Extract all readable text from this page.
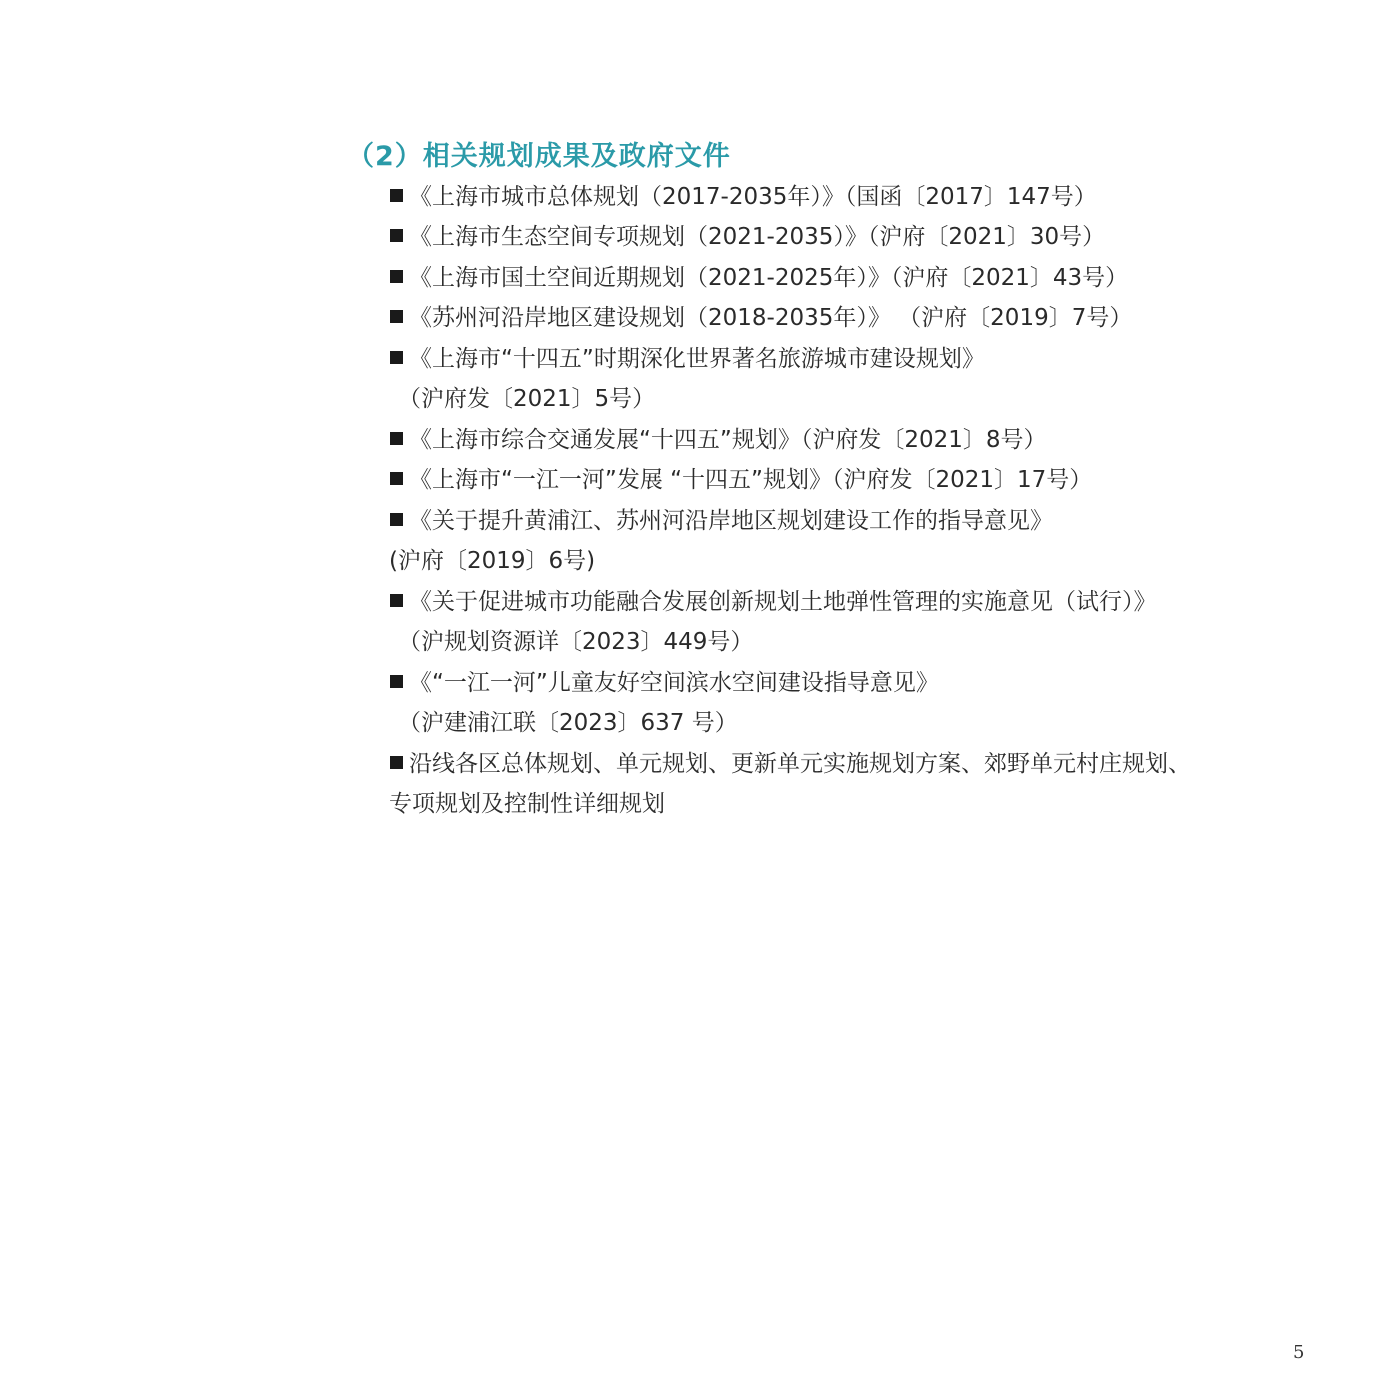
（2）相关规划成果及政府文件
《上海市城市总体规划（2017-2035年）》（国函〔2017〕147号）
《上海市生态空间专项规划（2021-2035）》（沪府〔2021〕30号）
《上海市国土空间近期规划（2021-2025年）》（沪府〔2021〕43号）
《苏州河沿岸地区建设规划（2018-2035年）》 （沪府〔2019〕7号）
《上海市“十四五”时期深化世界著名旅游城市建设规划》
（沪府发〔2021〕5号）
《上海市综合交通发展“十四五”规划》（沪府发〔2021〕8号）
《上海市“一江一河”发展 “十四五”规划》（沪府发〔2021〕17号）
《关于提升黄浦江、苏州河沿岸地区规划建设工作的指导意见》
(沪府〔2019〕6号)
《关于促进城市功能融合发展创新规划土地弹性管理的实施意见（试行）》
（沪规划资源详〔2023〕449号）
《“一江一河”儿童友好空间滨水空间建设指导意见》
（沪建浦江联〔2023〕637 号）
沿线各区总体规划、单元规划、更新单元实施规划方案、郊野单元村庄规划、
专项规划及控制性详细规划
5
